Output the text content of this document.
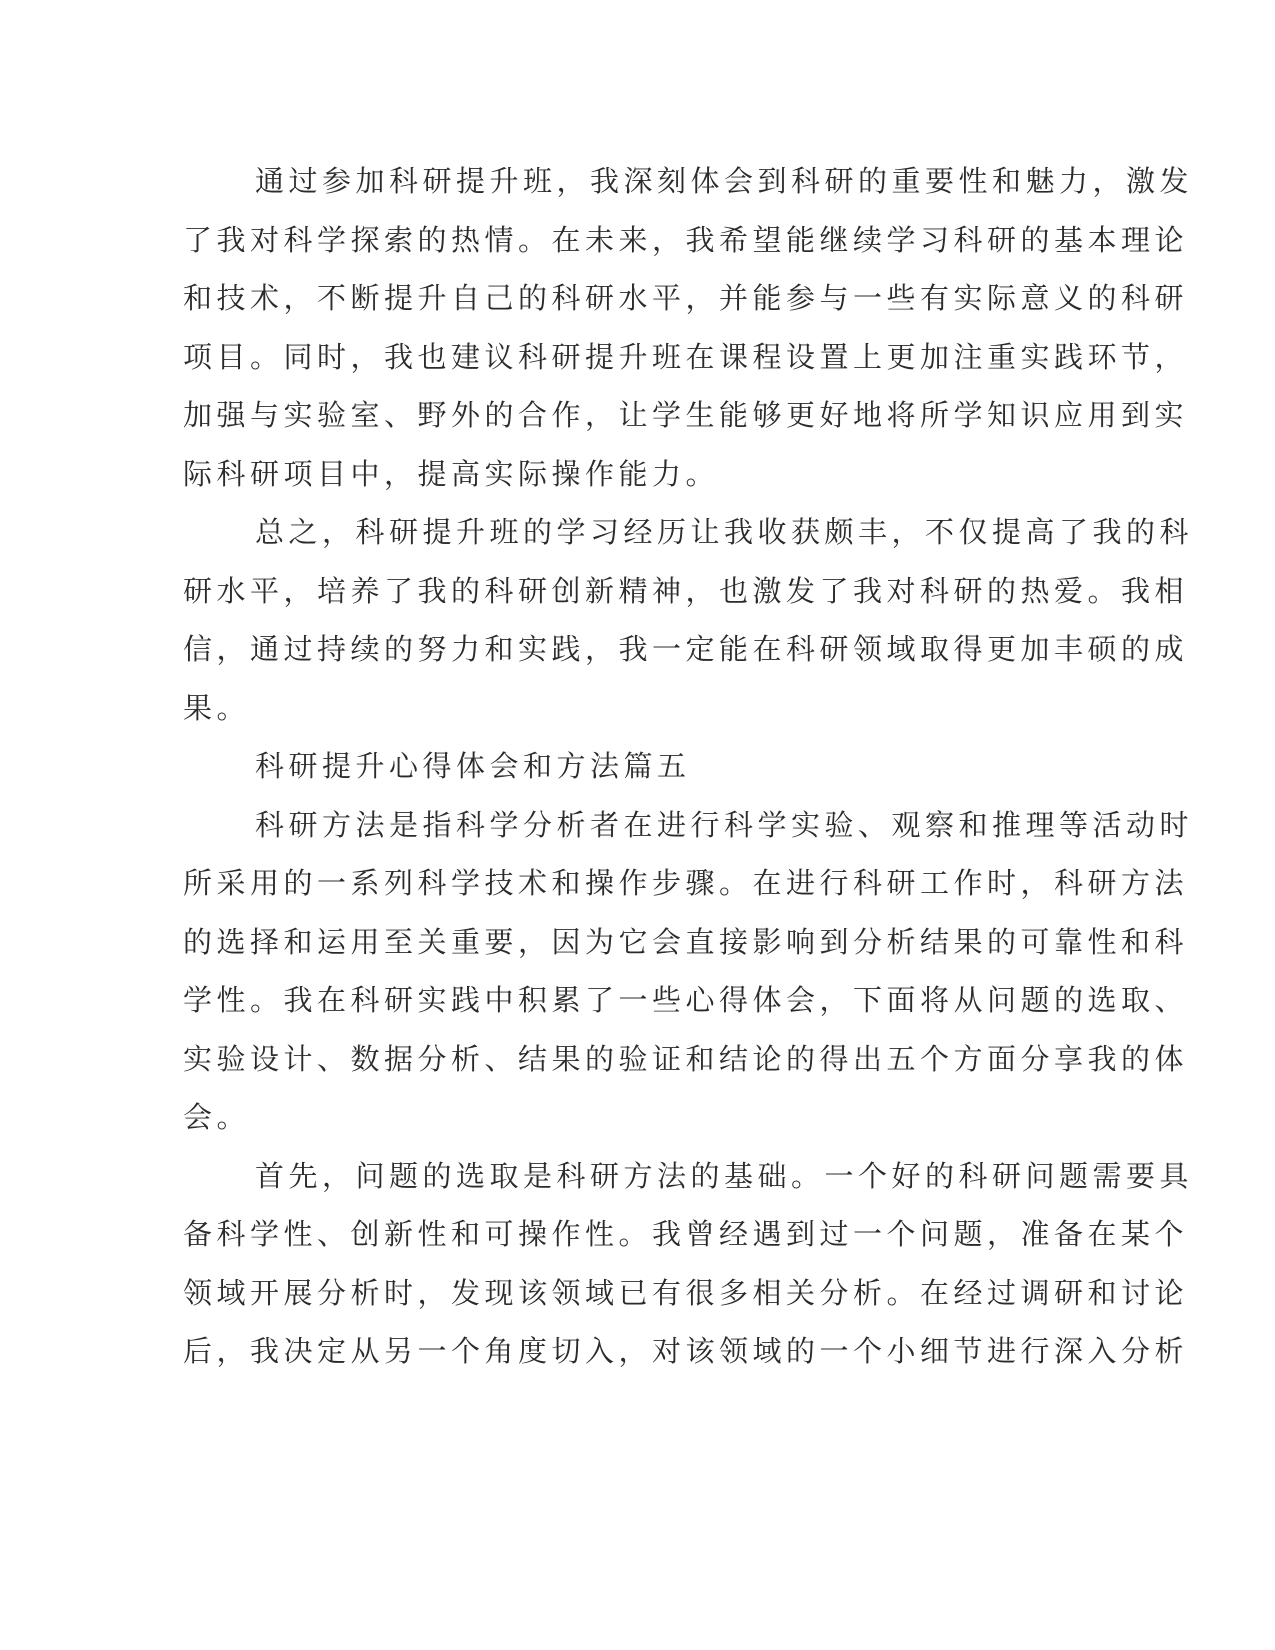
通过参加科研提升班，我深刻体会到科研的重要性和魅力，激发
了我对科学探索的热情。在未来，我希望能继续学习科研的基本理论
和技术，不断提升自己的科研水平，并能参与一些有实际意义的科研
项目。同时，我也建议科研提升班在课程设置上更加注重实践环节，
加强与实验室、野外的合作，让学生能够更好地将所学知识应用到实
际科研项目中，提高实际操作能力。
总之，科研提升班的学习经历让我收获颇丰，不仅提高了我的科
研水平，培养了我的科研创新精神，也激发了我对科研的热爱。我相
信，通过持续的努力和实践，我一定能在科研领域取得更加丰硕的成
果。
科研提升心得体会和方法篇五
科研方法是指科学分析者在进行科学实验、观察和推理等活动时
所采用的一系列科学技术和操作步骤。在进行科研工作时，科研方法
的选择和运用至关重要，因为它会直接影响到分析结果的可靠性和科
学性。我在科研实践中积累了一些心得体会，下面将从问题的选取、
实验设计、数据分析、结果的验证和结论的得出五个方面分享我的体
会。
首先，问题的选取是科研方法的基础。一个好的科研问题需要具
备科学性、创新性和可操作性。我曾经遇到过一个问题，准备在某个
领域开展分析时，发现该领域已有很多相关分析。在经过调研和讨论
后，我决定从另一个角度切入，对该领域的一个小细节进行深入分析
